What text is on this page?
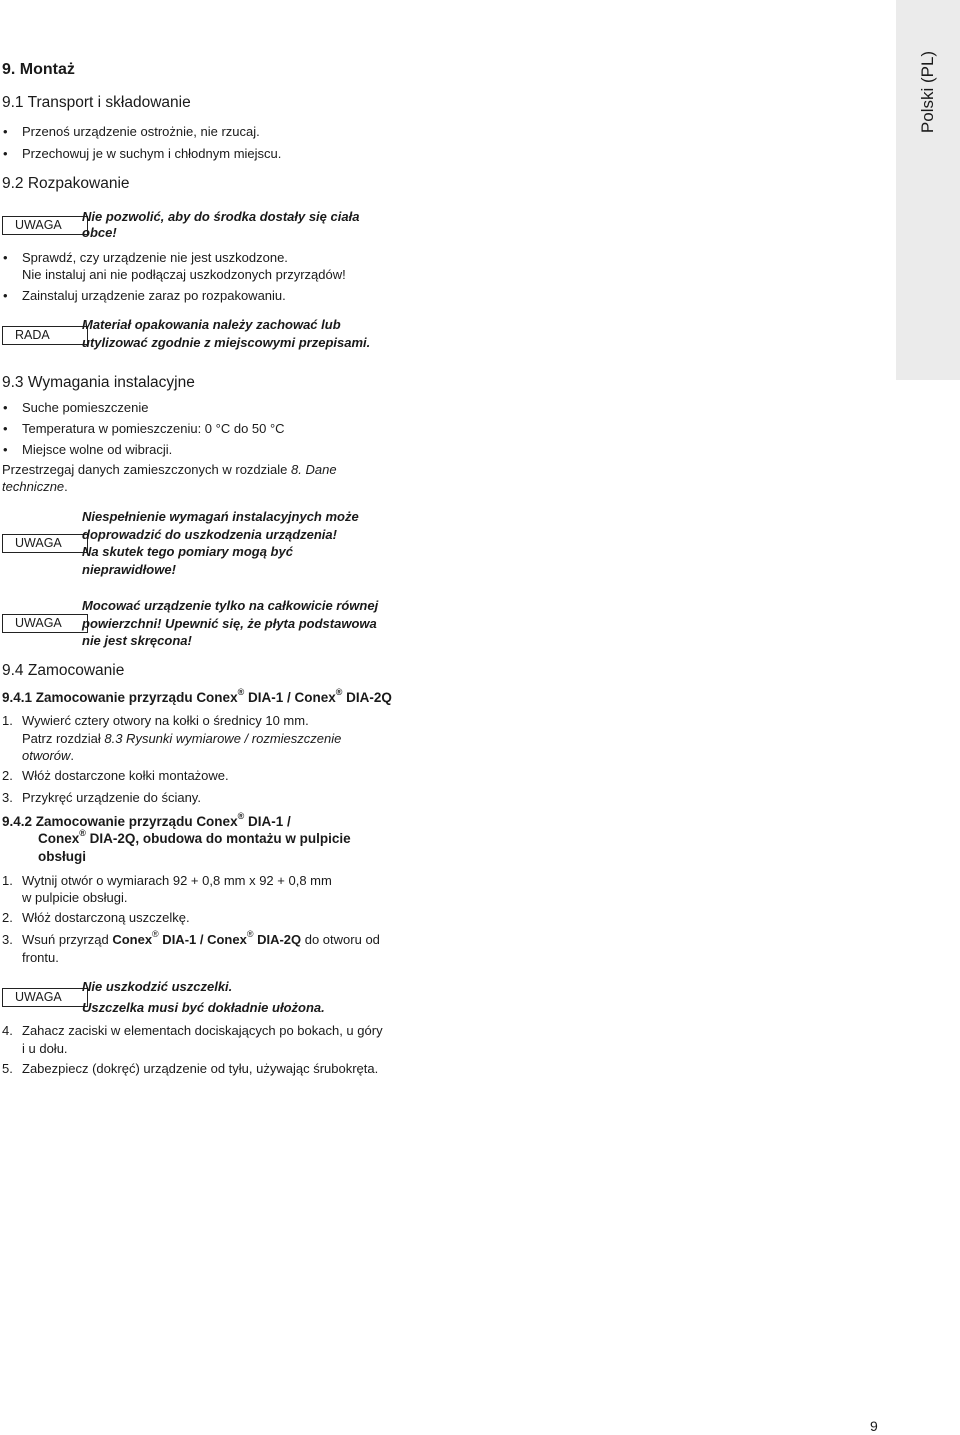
Polski (PL)
9. Montaż
9.1 Transport i składowanie
• Przenoś urządzenie ostrożnie, nie rzucaj.
• Przechowuj je w suchym i chłodnym miejscu.
9.2 Rozpakowanie
UWAGA
Nie pozwolić, aby do środka dostały się ciała
obce!
• Sprawdź, czy urządzenie nie jest uszkodzone.
Nie instaluj ani nie podłączaj uszkodzonych przyrządów!
• Zainstaluj urządzenie zaraz po rozpakowaniu.
RADA
Materiał opakowania należy zachować lub
utylizować zgodnie z miejscowymi przepisami.
9.3 Wymagania instalacyjne
• Suche pomieszczenie
• Temperatura w pomieszczeniu: 0 °C do 50 °C
• Miejsce wolne od wibracji.
Przestrzegaj danych zamieszczonych w rozdziale 8. Dane
techniczne.
UWAGA
Niespełnienie wymagań instalacyjnych może
doprowadzić do uszkodzenia urządzenia!
Na skutek tego pomiary mogą być
nieprawidłowe!
UWAGA
Mocować urządzenie tylko na całkowicie równej
powierzchni! Upewnić się, że płyta podstawowa
nie jest skręcona!
9.4 Zamocowanie
9.4.1 Zamocowanie przyrządu Conex® DIA-1 / Conex® DIA-2Q
1. Wywierć cztery otwory na kołki o średnicy 10 mm.
Patrz rozdział 8.3 Rysunki wymiarowe / rozmieszczenie
otworów.
2. Włóż dostarczone kołki montażowe.
3. Przykręć urządzenie do ściany.
9.4.2 Zamocowanie przyrządu Conex® DIA-1 /
Conex® DIA-2Q, obudowa do montażu w pulpicie
obsługi
1. Wytnij otwór o wymiarach 92 + 0,8 mm x 92 + 0,8 mm
w pulpicie obsługi.
2. Włóż dostarczoną uszczelkę.
3. Wsuń przyrząd Conex® DIA-1 / Conex® DIA-2Q do otworu od
frontu.
UWAGA
Nie uszkodzić uszczelki.
Uszczelka musi być dokładnie ułożona.
4. Zahacz zaciski w elementach dociskających po bokach, u góry
i u dołu.
5. Zabezpiecz (dokręć) urządzenie od tyłu, używając śrubokręta.
9
